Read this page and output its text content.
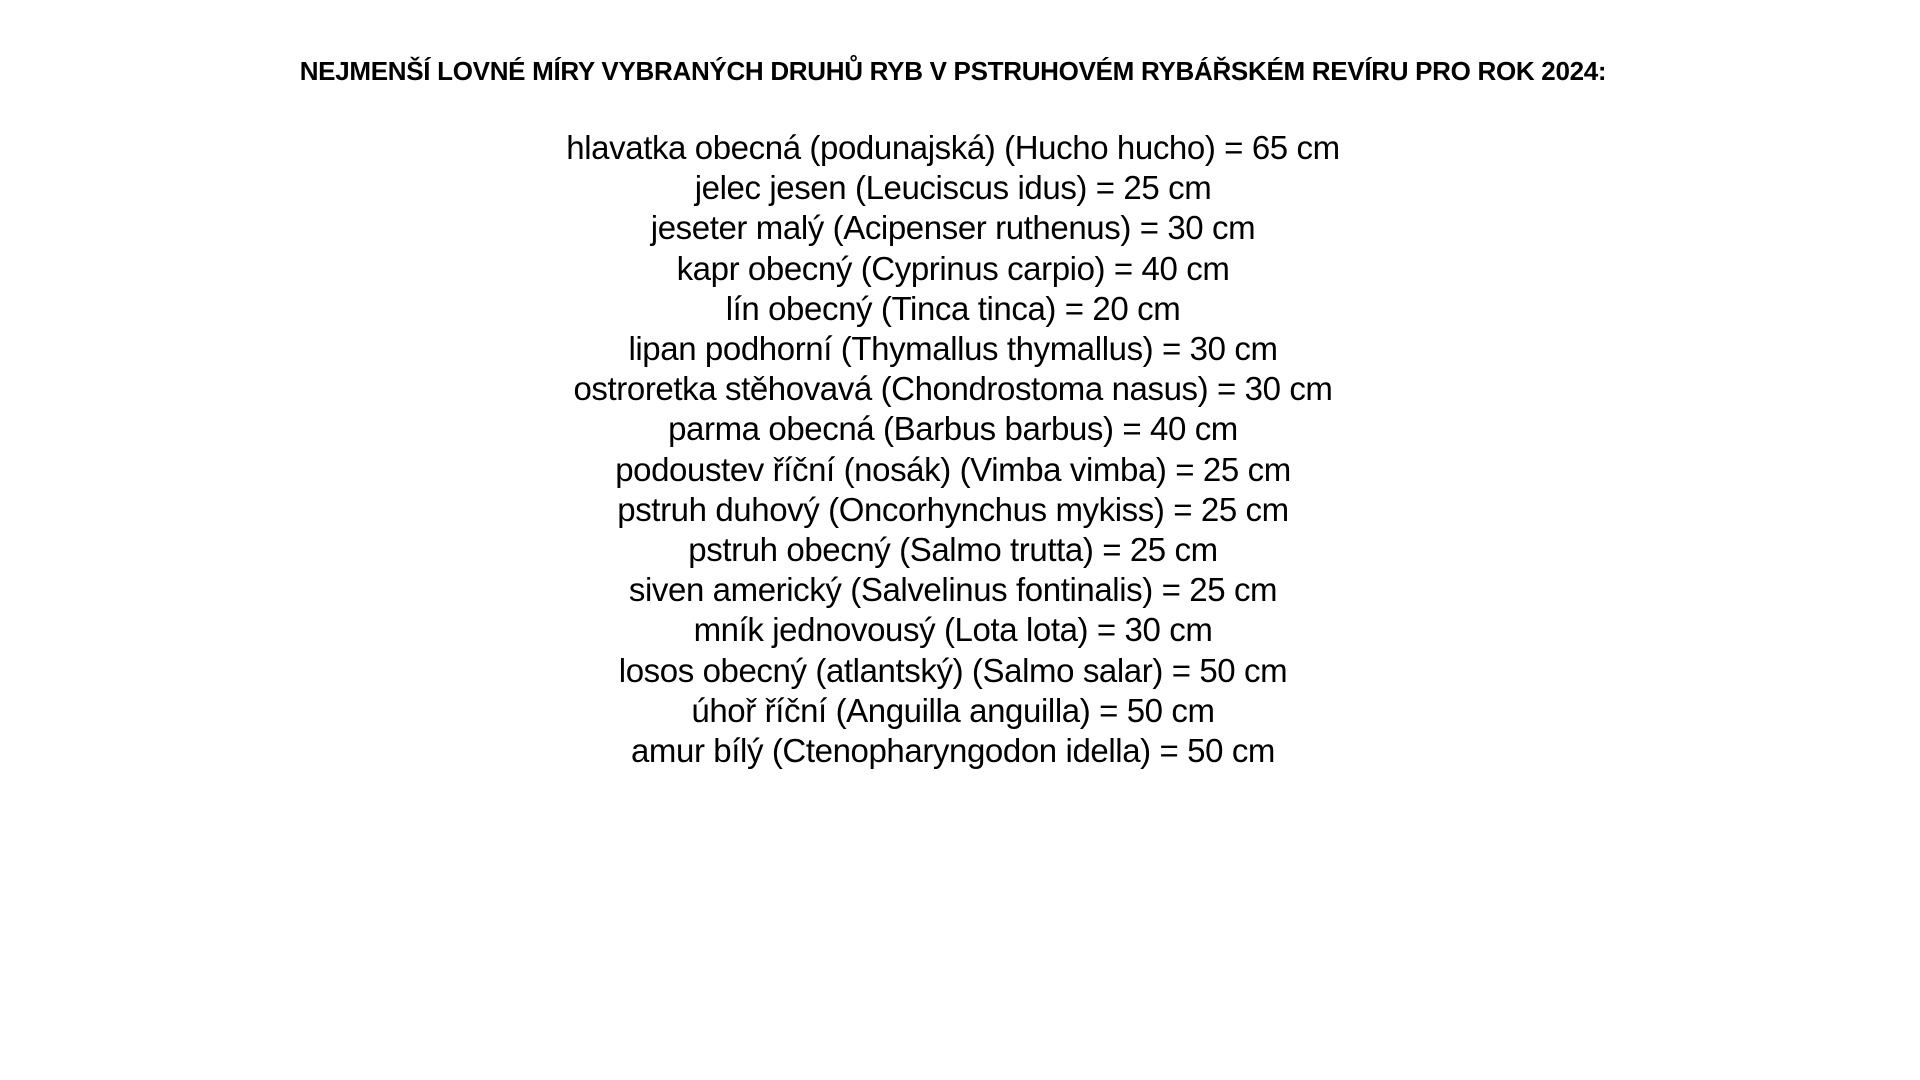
NEJMENŠÍ LOVNÉ MÍRY VYBRANÝCH DRUHŮ RYB V PSTRUHOVÉM RYBÁŘSKÉM REVÍRU PRO ROK 2024:
hlavatka obecná (podunajská) (Hucho hucho) = 65 cm
jelec jesen (Leuciscus idus) = 25 cm
jeseter malý (Acipenser ruthenus) = 30 cm
kapr obecný (Cyprinus carpio) = 40 cm
lín obecný (Tinca tinca) = 20 cm
lipan podhorní (Thymallus thymallus) = 30 cm
ostroretka stěhovavá (Chondrostoma nasus) = 30 cm
parma obecná (Barbus barbus) = 40 cm
podoustev říční (nosák) (Vimba vimba) = 25 cm
pstruh duhový (Oncorhynchus mykiss) = 25 cm
pstruh obecný (Salmo trutta) = 25 cm
siven americký (Salvelinus fontinalis) = 25 cm
mník jednovousý (Lota lota) = 30 cm
losos obecný (atlantský) (Salmo salar) = 50 cm
úhoř říční (Anguilla anguilla) = 50 cm
amur bílý (Ctenopharyngodon idella) = 50 cm
